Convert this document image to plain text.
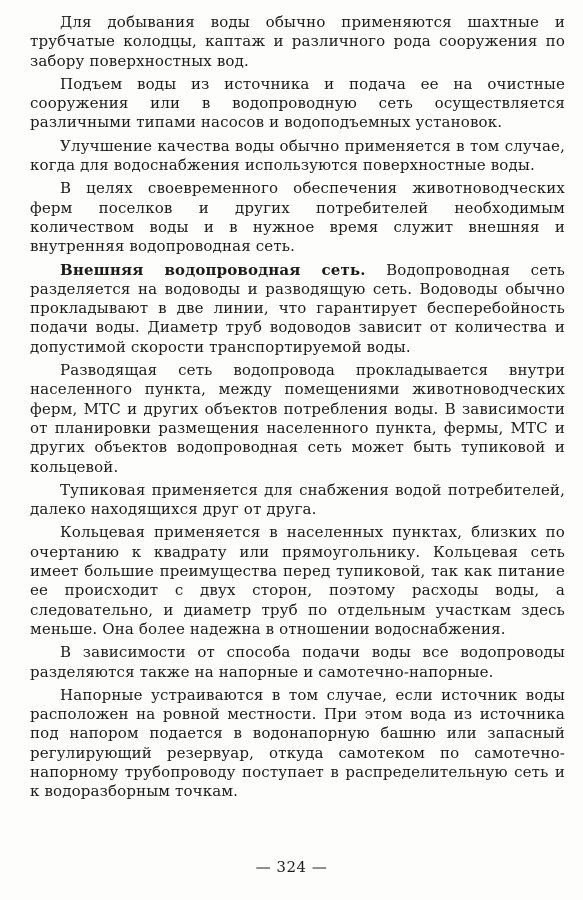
Для добывания воды обычно применяются шахтные и трубчатые колодцы, каптаж и различного рода сооружения по забору поверхностных вод.

Подъем воды из источника и подача ее на очистные сооружения или в водопроводную сеть осуществляется различными типами насосов и водоподъемных установок.

Улучшение качества воды обычно применяется в том случае, когда для водоснабжения используются поверхностные воды.

В целях своевременного обеспечения животноводческих ферм поселков и других потребителей необходимым количеством воды и в нужное время служит внешняя и внутренняя водопроводная сеть.

Внешняя водопроводная сеть. Водопроводная сеть разделяется на водоводы и разводящую сеть. Водоводы обычно прокладывают в две линии, что гарантирует бесперебойность подачи воды. Диаметр труб водоводов зависит от количества и допустимой скорости транспортируемой воды.

Разводящая сеть водопровода прокладывается внутри населенного пункта, между помещениями животноводческих ферм, МТС и других объектов потребления воды. В зависимости от планировки размещения населенного пункта, фермы, МТС и других объектов водопроводная сеть может быть тупиковой и кольцевой.

Тупиковая применяется для снабжения водой потребителей, далеко находящихся друг от друга.

Кольцевая применяется в населенных пунктах, близких по очертанию к квадрату или прямоугольнику. Кольцевая сеть имеет большие преимущества перед тупиковой, так как питание ее происходит с двух сторон, поэтому расходы воды, а следовательно, и диаметр труб по отдельным участкам здесь меньше. Она более надежна в отношении водоснабжения.

В зависимости от способа подачи воды все водопроводы разделяются также на напорные и самотечно-напорные.

Напорные устраиваются в том случае, если источник воды расположен на ровной местности. При этом вода из источника под напором подается в водонапорную башню или запасный регулирующий резервуар, откуда самотеком по самотечно-напорному трубопроводу поступает в распределительную сеть и к водоразборным точкам.

— 324 —
